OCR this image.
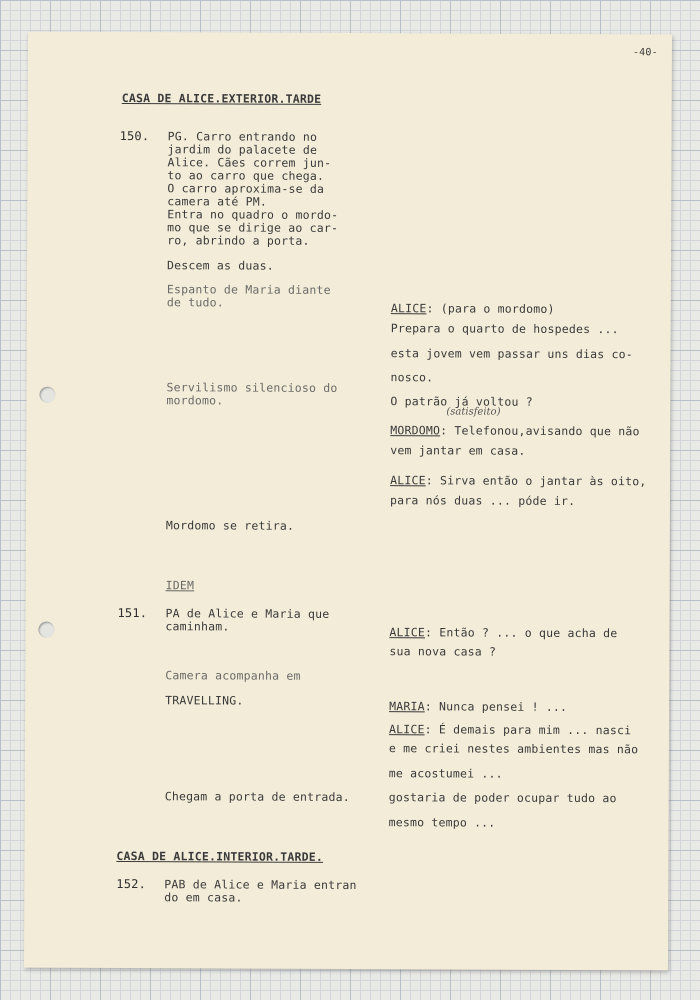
-40-
CASA DE ALICE.EXTERIOR.TARDE
150. PG. Carro entrando no
jardim do palacete de
Alice. Cães correm jun-
to ao carro que chega.
O carro aproxima-se da
camera até PM.
Entra no quadro o mordo-
mo que se dirige ao car-
ro, abrindo a porta.
Descem as duas.
Espanto de Maria diante
de tudo.
Servilismo silencioso do
mordomo.
Mordomo se retira.
ALICE: (para o mordomo)
Prepara o quarto de hospedes ...
esta jovem vem passar uns dias co-
nosco.
O patrão já voltou ?
(satisfeito)
MORDOMO: Telefonou,avisando que não
vem jantar em casa.
ALICE: Sirva então o jantar às oito,
para nós duas ... póde ir.
IDEM
151. PA de Alice e Maria que
caminham.
Camera acompanha em
TRAVELLING.
Chegam a porta de entrada.
ALICE: Então ? ... o que acha de
sua nova casa ?
MARIA: Nunca pensei ! ...
ALICE: É demais para mim ... nasci
e me criei nestes ambientes mas não
me acostumei ...
gostaria de poder ocupar tudo ao
mesmo tempo ...
CASA DE ALICE.INTERIOR.TARDE.
152. PAB de Alice e Maria entran
do em casa.
